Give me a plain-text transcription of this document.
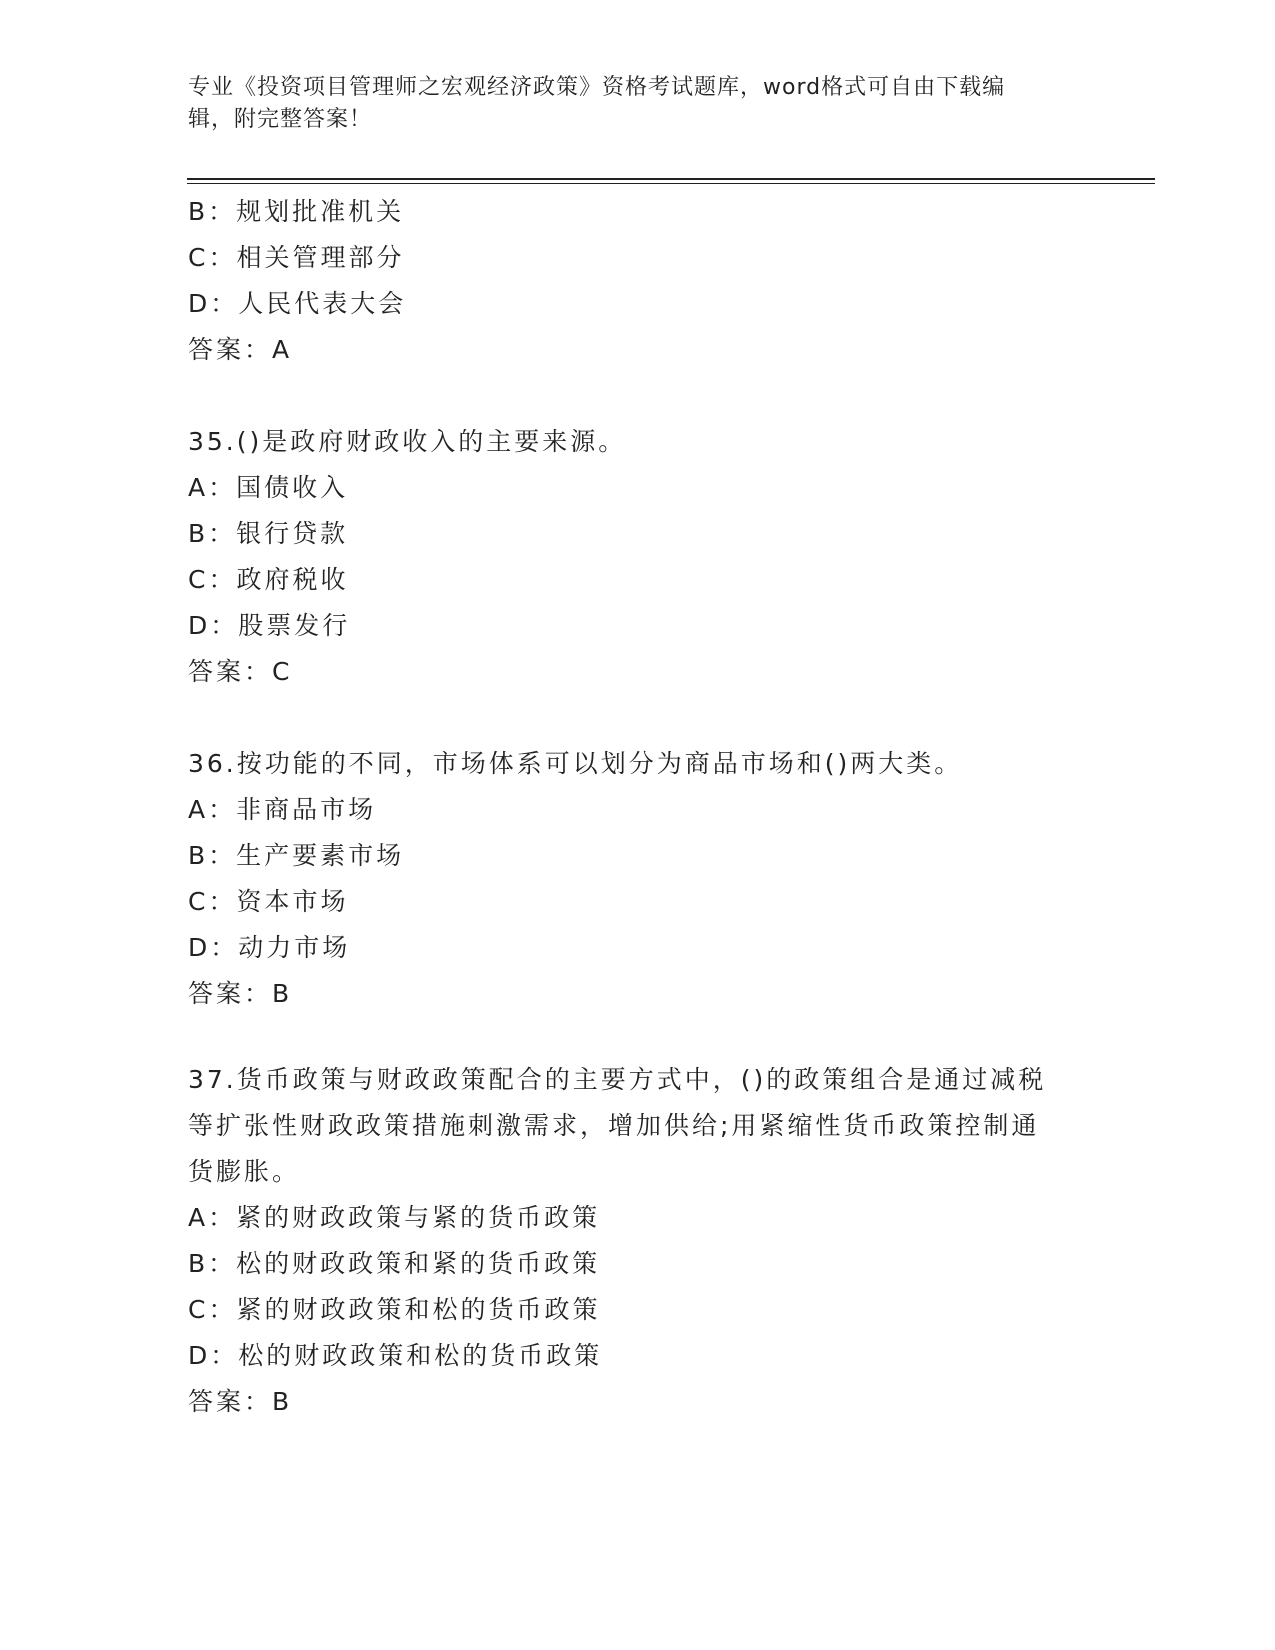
专业《投资项目管理师之宏观经济政策》资格考试题库，word格式可自由下载编
辑，附完整答案！
B：规划批准机关
C：相关管理部分
D：人民代表大会
答案：A
35.()是政府财政收入的主要来源。
A：国债收入
B：银行贷款
C：政府税收
D：股票发行
答案：C
36.按功能的不同，市场体系可以划分为商品市场和()两大类。
A：非商品市场
B：生产要素市场
C：资本市场
D：动力市场
答案：B
37.货币政策与财政政策配合的主要方式中，()的政策组合是通过减税
等扩张性财政政策措施刺激需求，增加供给;用紧缩性货币政策控制通
货膨胀。
A：紧的财政政策与紧的货币政策
B：松的财政政策和紧的货币政策
C：紧的财政政策和松的货币政策
D：松的财政政策和松的货币政策
答案：B
